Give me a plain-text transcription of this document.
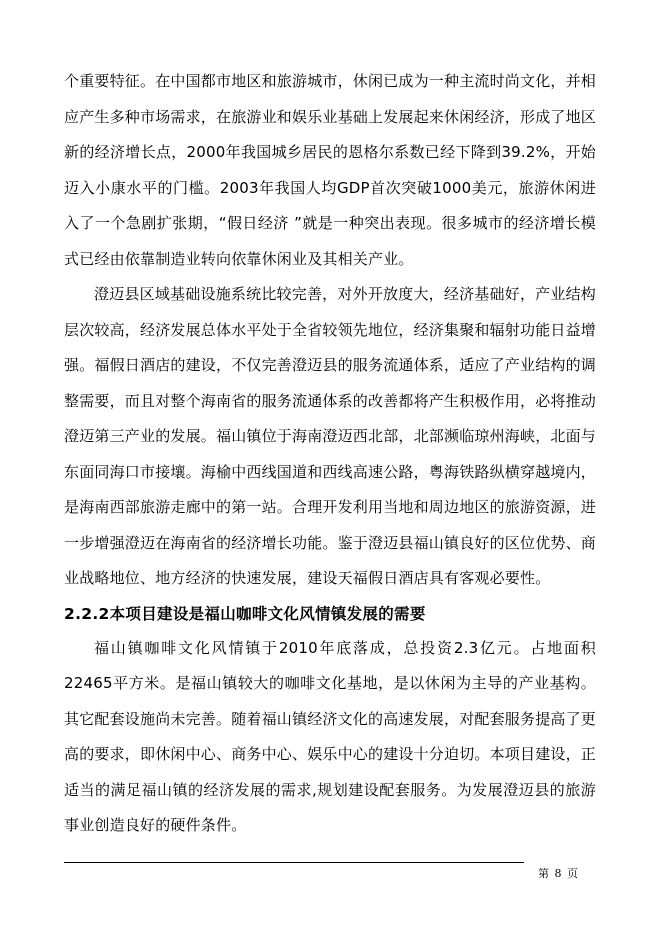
个重要特征。在中国都市地区和旅游城市，休闲已成为一种主流时尚文化，并相应产生多种市场需求，在旅游业和娱乐业基础上发展起来休闲经济，形成了地区新的经济增长点，2000年我国城乡居民的恩格尔系数已经下降到39.2%，开始迈入小康水平的门槛。2003年我国人均GDP首次突破1000美元，旅游休闲进入了一个急剧扩张期，“假日经济 ”就是一种突出表现。很多城市的经济增长模式已经由依靠制造业转向依靠休闲业及其相关产业。

澄迈县区域基础设施系统比较完善，对外开放度大，经济基础好，产业结构层次较高，经济发展总体水平处于全省较领先地位，经济集聚和辐射功能日益增强。福假日酒店的建设，不仅完善澄迈县的服务流通体系，适应了产业结构的调整需要，而且对整个海南省的服务流通体系的改善都将产生积极作用，必将推动澄迈第三产业的发展。福山镇位于海南澄迈西北部，北部濒临琼州海峡，北面与东面同海口市接壤。海榆中西线国道和西线高速公路，粤海铁路纵横穿越境内，是海南西部旅游走廊中的第一站。合理开发利用当地和周边地区的旅游资源，进一步增强澄迈在海南省的经济增长功能。鉴于澄迈县福山镇良好的区位优势、商业战略地位、地方经济的快速发展，建设天福假日酒店具有客观必要性。

2.2.2本项目建设是福山咖啡文化风情镇发展的需要

福山镇咖啡文化风情镇于2010年底落成，总投资2.3亿元。占地面积22465平方米。是福山镇较大的咖啡文化基地，是以休闲为主导的产业基构。其它配套设施尚未完善。随着福山镇经济文化的高速发展，对配套服务提高了更高的要求，即休闲中心、商务中心、娱乐中心的建设十分迫切。本项目建设，正适当的满足福山镇的经济发展的需求,规划建设配套服务。为发展澄迈县的旅游事业创造良好的硬件条件。

第 8 页
